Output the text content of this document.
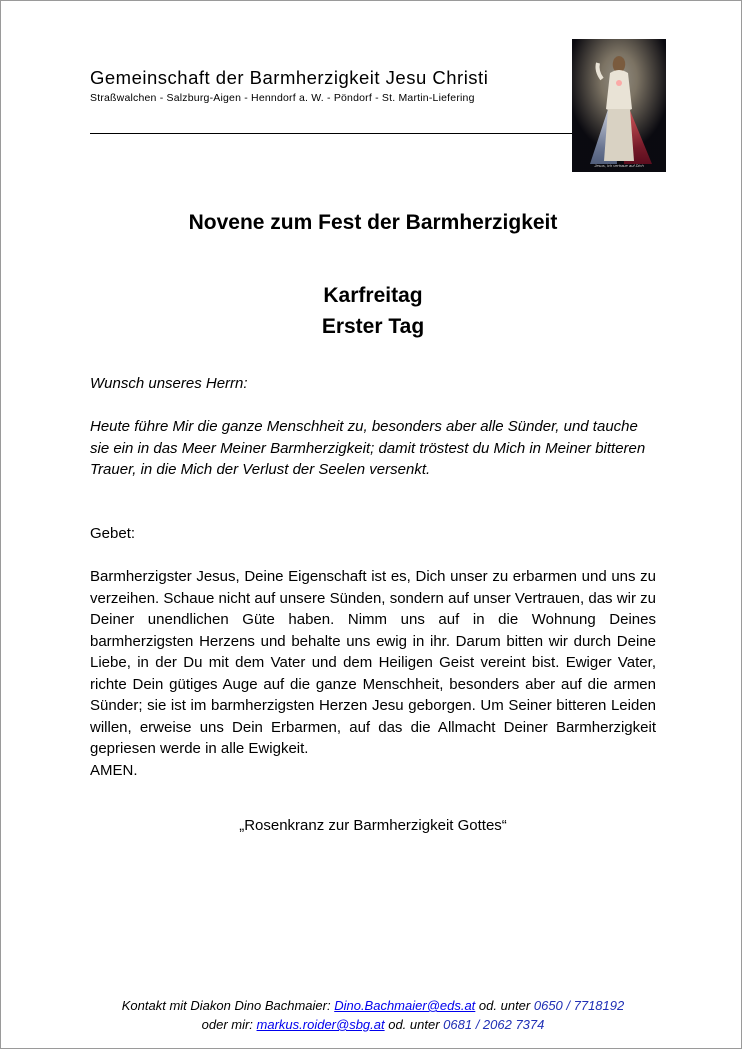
Gemeinschaft der Barmherzigkeit Jesu Christi
Straßwalchen - Salzburg-Aigen - Henndorf a. W. - Pöndorf - St. Martin-Liefering
Jesus, ich vertraue auf Dich
Novene zum Fest der Barmherzigkeit
Karfreitag
Erster Tag
Wunsch unseres Herrn:
Heute führe Mir die ganze Menschheit zu, besonders aber alle Sünder, und tauche sie ein in das Meer Meiner Barmherzigkeit; damit tröstest du Mich in Meiner bitteren Trauer, in die Mich der Verlust der Seelen versenkt.
Gebet:
Barmherzigster Jesus, Deine Eigenschaft ist es, Dich unser zu erbarmen und uns zu verzeihen. Schaue nicht auf unsere Sünden, sondern auf unser Vertrauen, das wir zu Deiner unendlichen Güte haben. Nimm uns auf in die Wohnung Deines barmherzigsten Herzens und behalte uns ewig in ihr. Darum bitten wir durch Deine Liebe, in der Du mit dem Vater und dem Heiligen Geist vereint bist. Ewiger Vater, richte Dein gütiges Auge auf die ganze Menschheit, besonders aber auf die armen Sünder; sie ist im barmherzigsten Herzen Jesu geborgen. Um Seiner bitteren Leiden willen, erweise uns Dein Erbarmen, auf das die Allmacht Deiner Barmherzigkeit gepriesen werde in alle Ewigkeit.
AMEN.
„Rosenkranz zur Barmherzigkeit Gottes“
Kontakt mit Diakon Dino Bachmaier: Dino.Bachmaier@eds.at od. unter 0650 / 7718192
oder mir: markus.roider@sbg.at od. unter 0681 / 2062 7374
